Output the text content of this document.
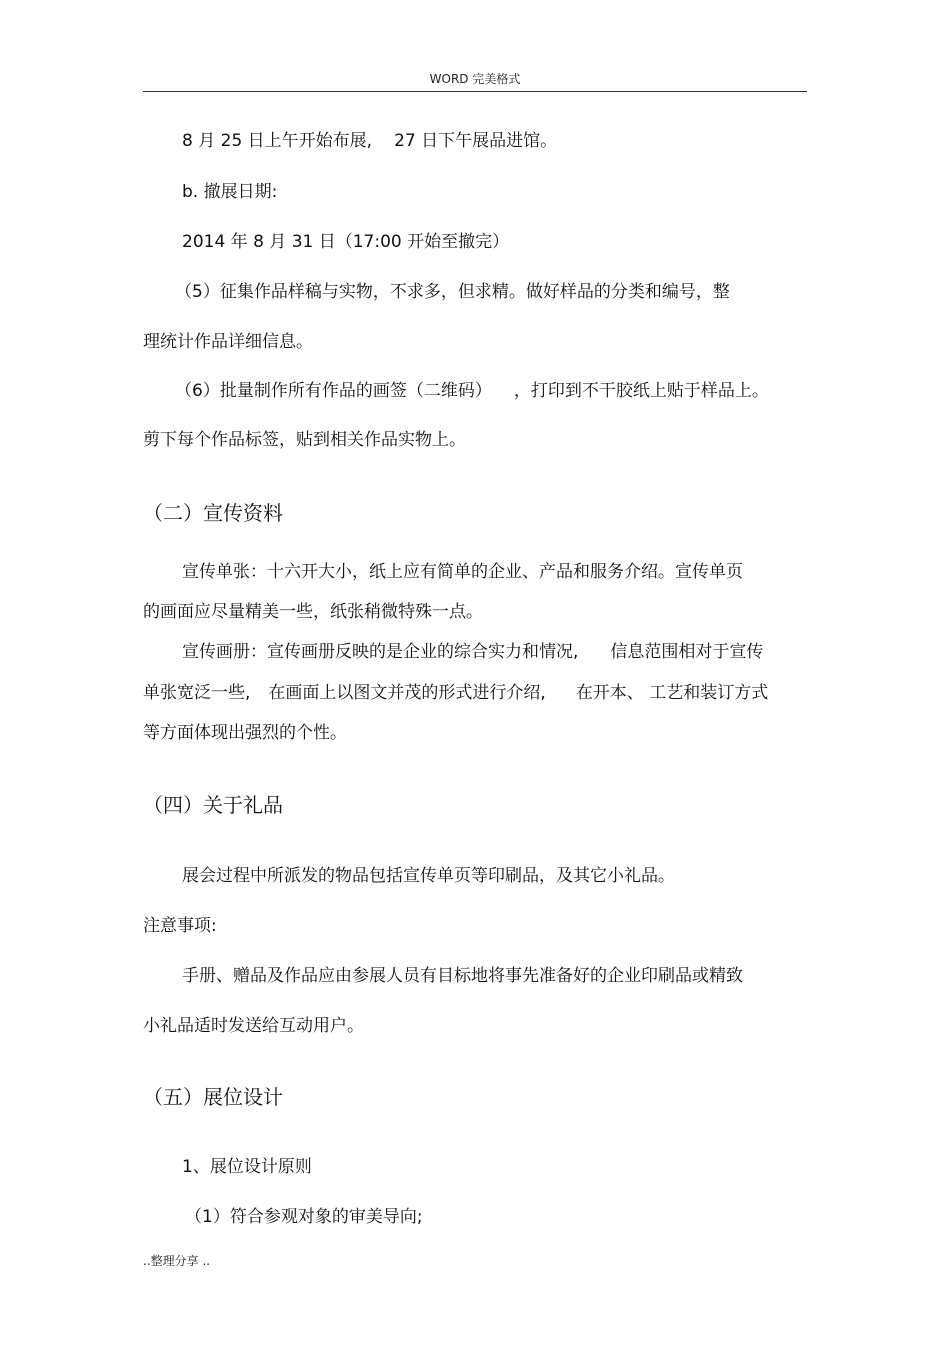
WORD 完美格式
8 月 25 日上午开始布展, 27 日下午展品进馆。
b. 撤展日期:
2014 年 8 月 31 日（17:00 开始至撤完）
（5）征集作品样稿与实物，不求多，但求精。做好样品的分类和编号，整
理统计作品详细信息。
（6）批量制作所有作品的画签（二维码） ，打印到不干胶纸上贴于样品上。
剪下每个作品标签，贴到相关作品实物上。
（二）宣传资料
宣传单张：十六开大小，纸上应有简单的企业、产品和服务介绍。宣传单页
的画面应尽量精美一些，纸张稍微特殊一点。
宣传画册：宣传画册反映的是企业的综合实力和情况, 信息范围相对于宣传
单张宽泛一些, 在画面上以图文并茂的形式进行介绍, 在开本、 工艺和装订方式
等方面体现出强烈的个性。
（四）关于礼品
展会过程中所派发的物品包括宣传单页等印刷品，及其它小礼品。
注意事项:
手册、赠品及作品应由参展人员有目标地将事先准备好的企业印刷品或精致
小礼品适时发送给互动用户。
（五）展位设计
1、展位设计原则
（1）符合参观对象的审美导向;
..整理分享 ..
